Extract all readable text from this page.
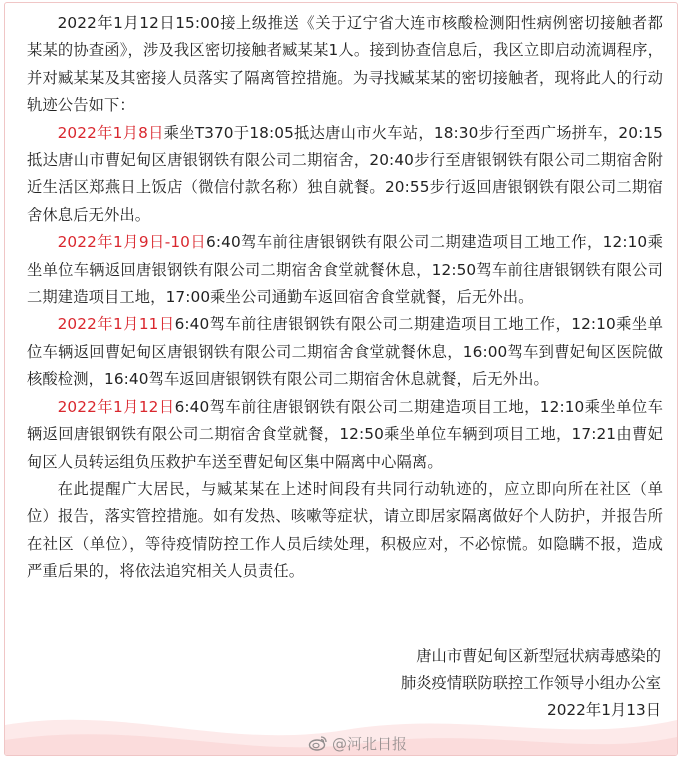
2022年1月12日15:00接上级推送《关于辽宁省大连市核酸检测阳性病例密切接触者都某某的协查函》，涉及我区密切接触者臧某某1人。接到协查信息后，我区立即启动流调程序，并对臧某某及其密接人员落实了隔离管控措施。为寻找臧某某的密切接触者，现将此人的行动轨迹公告如下：

2022年1月8日乘坐T370于18:05抵达唐山市火车站，18:30步行至西广场拼车，20:15抵达唐山市曹妃甸区唐银钢铁有限公司二期宿舍，20:40步行至唐银钢铁有限公司二期宿舍附近生活区郑燕日上饭店（微信付款名称）独自就餐。20:55步行返回唐银钢铁有限公司二期宿舍休息后无外出。

2022年1月9日-10日6:40驾车前往唐银钢铁有限公司二期建造项目工地工作，12:10乘坐单位车辆返回唐银钢铁有限公司二期宿舍食堂就餐休息，12:50驾车前往唐银钢铁有限公司二期建造项目工地，17:00乘坐公司通勤车返回宿舍食堂就餐，后无外出。

2022年1月11日6:40驾车前往唐银钢铁有限公司二期建造项目工地工作，12:10乘坐单位车辆返回曹妃甸区唐银钢铁有限公司二期宿舍食堂就餐休息，16:00驾车到曹妃甸区医院做核酸检测，16:40驾车返回唐银钢铁有限公司二期宿舍休息就餐，后无外出。

2022年1月12日6:40驾车前往唐银钢铁有限公司二期建造项目工地，12:10乘坐单位车辆返回唐银钢铁有限公司二期宿舍食堂就餐，12:50乘坐单位车辆到项目工地，17:21由曹妃甸区人员转运组负压救护车送至曹妃甸区集中隔离中心隔离。

在此提醒广大居民，与臧某某在上述时间段有共同行动轨迹的，应立即向所在社区（单位）报告，落实管控措施。如有发热、咳嗽等症状，请立即居家隔离做好个人防护，并报告所在社区（单位），等待疫情防控工作人员后续处理，积极应对，不必惊慌。如隐瞒不报，造成严重后果的，将依法追究相关人员责任。

唐山市曹妃甸区新型冠状病毒感染的
肺炎疫情联防联控工作领导小组办公室
2022年1月13日
@河北日报
